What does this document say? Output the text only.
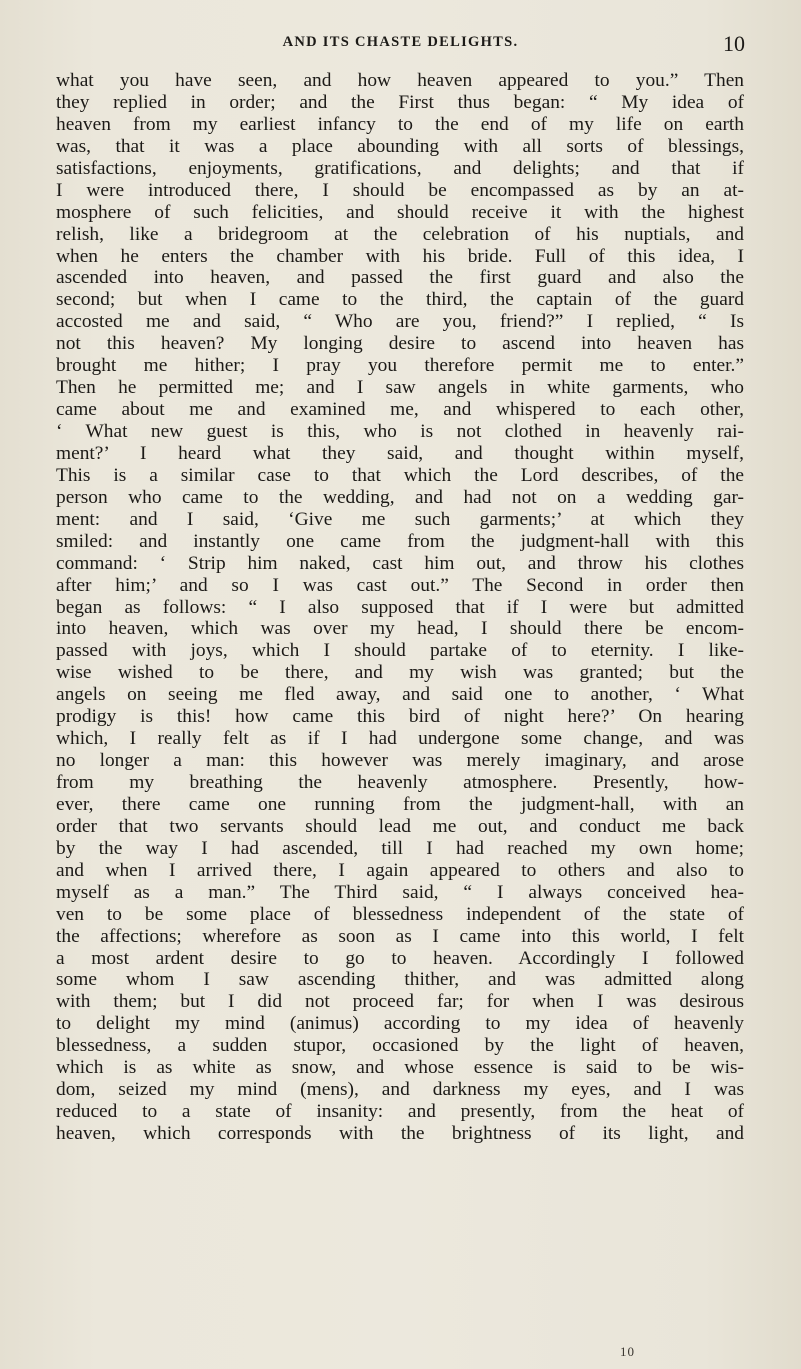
AND ITS CHASTE DELIGHTS.	10
what you have seen, and how heaven appeared to you.” Then
they replied in order; and the First thus began: “ My idea of
heaven from my earliest infancy to the end of my life on earth
was, that it was a place abounding with all sorts of blessings,
satisfactions, enjoyments, gratifications, and delights; and that if
I were introduced there, I should be encompassed as by an at-
mosphere of such felicities, and should receive it with the highest
relish, like a bridegroom at the celebration of his nuptials, and
when he enters the chamber with his bride. Full of this idea, I
ascended into heaven, and passed the first guard and also the
second; but when I came to the third, the captain of the guard
accosted me and said, “ Who are you, friend?” I replied, “ Is
not this heaven? My longing desire to ascend into heaven has
brought me hither; I pray you therefore permit me to enter.”
Then he permitted me; and I saw angels in white garments, who
came about me and examined me, and whispered to each other,
‘ What new guest is this, who is not clothed in heavenly rai-
ment?’ I heard what they said, and thought within myself,
This is a similar case to that which the Lord describes, of the
person who came to the wedding, and had not on a wedding gar-
ment: and I said, ‘Give me such garments;’ at which they
smiled: and instantly one came from the judgment-hall with this
command: ‘ Strip him naked, cast him out, and throw his clothes
after him;’ and so I was cast out.” The Second in order then
began as follows: “ I also supposed that if I were but admitted
into heaven, which was over my head, I should there be encom-
passed with joys, which I should partake of to eternity. I like-
wise wished to be there, and my wish was granted; but the
angels on seeing me fled away, and said one to another, ‘ What
prodigy is this! how came this bird of night here?’ On hearing
which, I really felt as if I had undergone some change, and was
no longer a man: this however was merely imaginary, and arose
from my breathing the heavenly atmosphere. Presently, how-
ever, there came one running from the judgment-hall, with an
order that two servants should lead me out, and conduct me back
by the way I had ascended, till I had reached my own home;
and when I arrived there, I again appeared to others and also to
myself as a man.” The Third said, “ I always conceived hea-
ven to be some place of blessedness independent of the state of
the affections; wherefore as soon as I came into this world, I felt
a most ardent desire to go to heaven. Accordingly I followed
some whom I saw ascending thither, and was admitted along
with them; but I did not proceed far; for when I was desirous
to delight my mind (animus) according to my idea of heavenly
blessedness, a sudden stupor, occasioned by the light of heaven,
which is as white as snow, and whose essence is said to be wis-
dom, seized my mind (mens), and darkness my eyes, and I was
reduced to a state of insanity: and presently, from the heat of
heaven, which corresponds with the brightness of its light, and
10
